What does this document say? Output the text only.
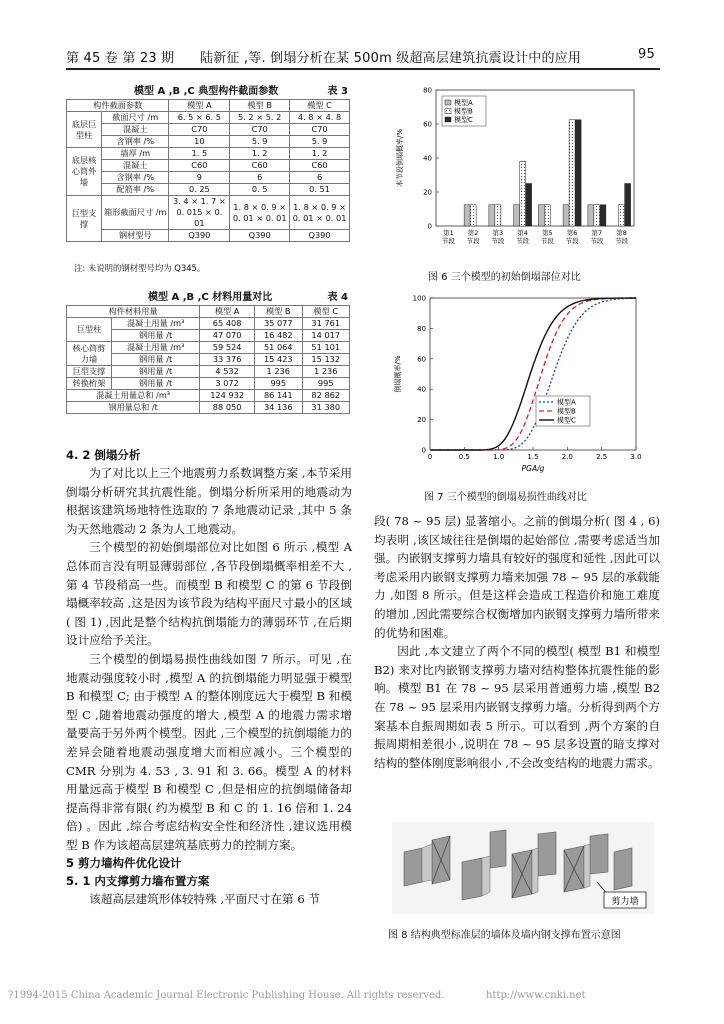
第 45 卷 第 23 期 陆新征 ,等. 倒塌分析在某 500m 级超高层建筑抗震设计中的应用	95
模型 A ,B ,C 典型构件截面参数	表 3
构件截面参数		模型 A	模型 B	模型 C
底层巨型柱	截面尺寸 /m	6. 5 × 6. 5	5. 2 × 5. 2	4. 8 × 4. 8
	混凝土	C70	C70	C70
	含钢率 /%	10	5. 9	5. 9
底层核心筒外墙	墙厚 /m	1. 5	1. 2	1. 2
	混凝土	C60	C60	C60
	含钢率 /%	9	6	6
	配筋率 /%	0. 25	0. 5	0. 51
巨型支撑	箱形截面尺寸 /m	3. 4 × 1. 7 × 0. 015 × 0. 01	1. 8 × 0. 9 × 0. 01 × 0. 01	1. 8 × 0. 9 × 0. 01 × 0. 01
	钢材型号	Q390	Q390	Q390
注: 未说明的钢材型号均为 Q345。
模型 A ,B ,C 材料用量对比	表 4
构件材料用量		模型 A	模型 B	模型 C
巨型柱	混凝土用量 /m³	65 408	35 077	31 761
	钢用量 /t	47 070	16 482	14 017
核心筒剪力墙	混凝土用量 /m³	59 524	51 064	51 101
	钢用量 /t	33 376	15 423	15 132
巨型支撑	钢用量 /t	4 532	1 236	1 236
转换桁架	钢用量 /t	3 072	995	995
混凝土用量总和 /m³		124 932	86 141	82 862
钢用量总和 /t		88 050	34 136	31 380
4. 2 倒塌分析

为了对比以上三个地震剪力系数调整方案 ,本节采用倒塌分析研究其抗震性能。倒塌分析所采用的地震动为根据该建筑场地特性选取的 7 条地震动记录 ,其中 5 条为天然地震动 2 条为人工地震动。

三个模型的初始倒塌部位对比如图 6 所示 ,模型 A 总体而言没有明显薄弱部位 ,各节段倒塌概率相差不大 ,第 4 节段稍高一些。而模型 B 和模型 C 的第 6 节段倒塌概率较高 ,这是因为该节段为结构平面尺寸最小的区域( 图 1) ,因此是整个结构抗倒塌能力的薄弱环节 ,在后期设计应给予关注。

三个模型的倒塌易损性曲线如图 7 所示。可见 ,在地震动强度较小时 ,模型 A 的抗倒塌能力明显强于模型 B 和模型 C; 由于模型 A 的整体刚度远大于模型 B 和模型 C ,随着地震动强度的增大 ,模型 A 的地震力需求增量要高于另外两个模型。因此 ,三个模型的抗倒塌能力的差异会随着地震动强度增大而相应减小。三个模型的 CMR 分别为 4. 53 , 3. 91 和 3. 66。模型 A 的材料用量远高于模型 B 和模型 C ,但是相应的抗倒塌储备却提高得非常有限( 约为模型 B 和 C 的 1. 16 倍和 1. 24 倍) 。因此 ,综合考虑结构安全性和经济性 ,建议选用模型 B 作为该超高层建筑基底剪力的控制方案。

5 剪力墙构件优化设计
5. 1 内支撑剪力墙布置方案

该超高层建筑形体较特殊 ,平面尺寸在第 6 节

0
20
40
60
80
本节段倒塌概率/%
第1
节段
第2
节段
第3
节段
第4
节段
第5
节段
第6
节段
第7
节段
第8
节段
模型A
模型B
模型C
图 6 三个模型的初始倒塌部位对比
0
20
40
60
80
100
0	0.5	1.0	1.5	2.0	2.5	3.0
PGA/g
倒塌概率/%
模型A
模型B
模型C
图 7 三个模型的倒塌易损性曲线对比

段( 78 ~ 95 层) 显著缩小。之前的倒塌分析( 图 4 , 6) 均表明 ,该区域往往是倒塌的起始部位 ,需要考虑适当加强。内嵌钢支撑剪力墙具有较好的强度和延性 ,因此可以考虑采用内嵌钢支撑剪力墙来加强 78 ~ 95 层的承载能力 ,如图 8 所示。但是这样会造成工程造价和施工难度的增加 ,因此需要综合权衡增加内嵌钢支撑剪力墙所带来的优势和困难。

因此 ,本文建立了两个不同的模型( 模型 B1 和模型 B2) 来对比内嵌钢支撑剪力墙对结构整体抗震性能的影响。模型 B1 在 78 ~ 95 层采用普通剪力墙 ,模型 B2 在 78 ~ 95 层采用内嵌钢支撑剪力墙。分析得到两个方案基本自振周期如表 5 所示。可以看到 ,两个方案的自振周期相差很小 ,说明在 78 ~ 95 层多设置的暗支撑对结构的整体刚度影响很小 ,不会改变结构的地震力需求。

剪力墙
图 8 结构典型标准层的墙体及墙内钢支撑布置示意图
?1994-2015 China Academic Journal Electronic Publishing House. All rights reserved.	http://www.cnki.net
